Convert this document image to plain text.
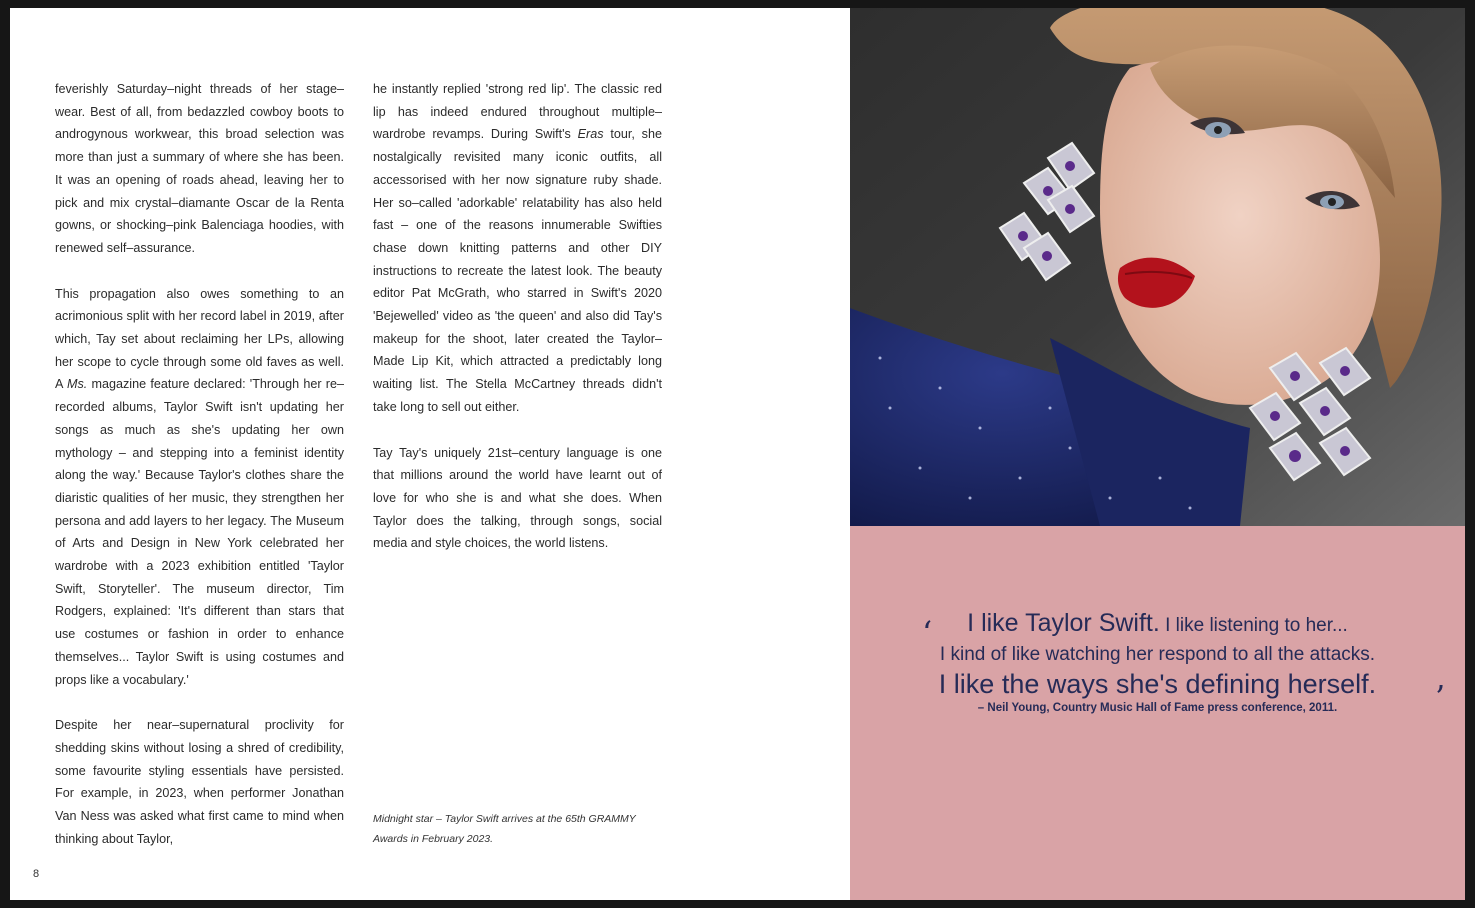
feverishly Saturday–night threads of her stage–wear. Best of all, from bedazzled cowboy boots to androgynous workwear, this broad selection was more than just a summary of where she has been. It was an opening of roads ahead, leaving her to pick and mix crystal–diamante Oscar de la Renta gowns, or shocking–pink Balenciaga hoodies, with renewed self–assurance.

This propagation also owes something to an acrimonious split with her record label in 2019, after which, Tay set about reclaiming her LPs, allowing her scope to cycle through some old faves as well. A Ms. magazine feature declared: 'Through her re–recorded albums, Taylor Swift isn't updating her songs as much as she's updating her own mythology – and stepping into a feminist identity along the way.' Because Taylor's clothes share the diaristic qualities of her music, they strengthen her persona and add layers to her legacy. The Museum of Arts and Design in New York celebrated her wardrobe with a 2023 exhibition entitled 'Taylor Swift, Storyteller'. The museum director, Tim Rodgers, explained: 'It's different than stars that use costumes or fashion in order to enhance themselves... Taylor Swift is using costumes and props like a vocabulary.'

Despite her near–supernatural proclivity for shedding skins without losing a shred of credibility, some favourite styling essentials have persisted. For example, in 2023, when performer Jonathan Van Ness was asked what first came to mind when thinking about Taylor,

he instantly replied 'strong red lip'. The classic red lip has indeed endured throughout multiple–wardrobe revamps. During Swift's Eras tour, she nostalgically revisited many iconic outfits, all accessorised with her now signature ruby shade. Her so–called 'adorkable' relatability has also held fast – one of the reasons innumerable Swifties chase down knitting patterns and other DIY instructions to recreate the latest look. The beauty editor Pat McGrath, who starred in Swift's 2020 'Bejewelled' video as 'the queen' and also did Tay's makeup for the shoot, later created the Taylor–Made Lip Kit, which attracted a predictably long waiting list. The Stella McCartney threads didn't take long to sell out either.

Tay Tay's uniquely 21st–century language is one that millions around the world have learnt out of love for who she is and what she does. When Taylor does the talking, through songs, social media and style choices, the world listens.

Midnight star – Taylor Swift arrives at the 65th GRAMMY Awards in February 2023.
8
‘	I like Taylor Swift. I like listening to her...
I kind of like watching her respond to all the attacks.
I like the ways she's defining herself.	’
– Neil Young, Country Music Hall of Fame press conference, 2011.
